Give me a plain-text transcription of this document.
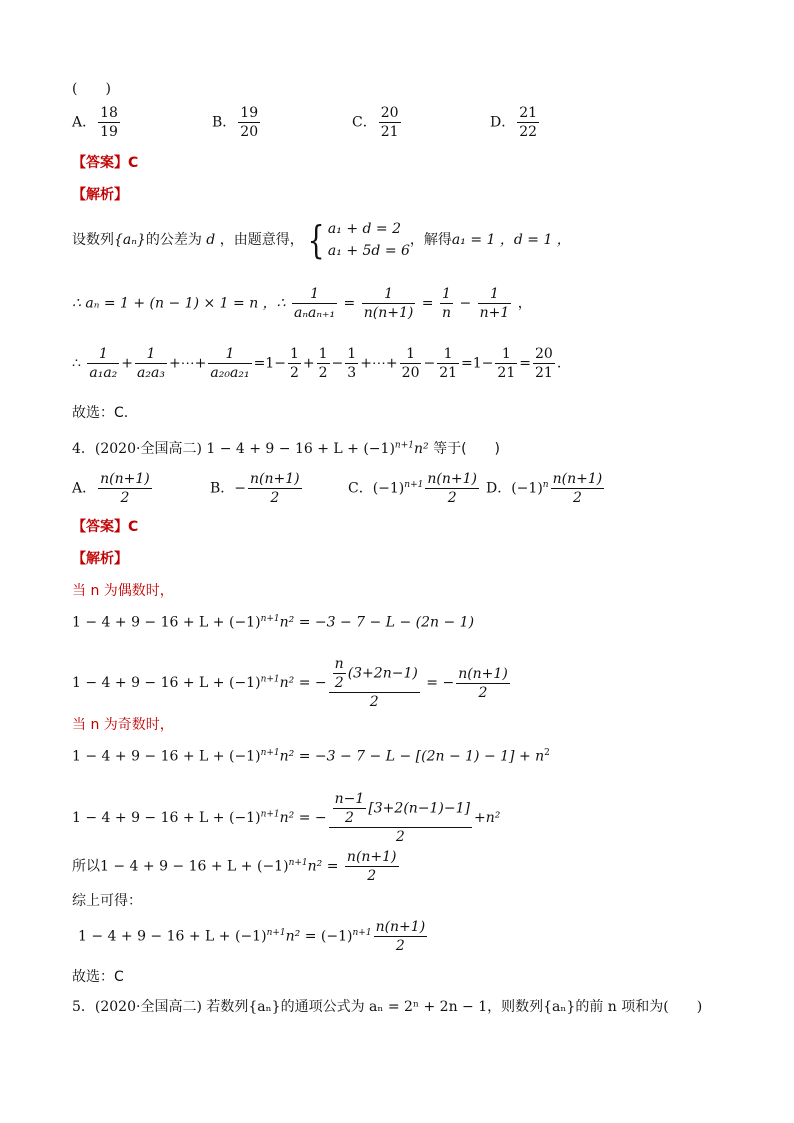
(　　)
A． $\frac{18}{19}$	B． $\frac{19}{20}$	C． $\frac{20}{21}$	D． $\frac{21}{22}$
【答案】C
【解析】
设数列{aₙ}的公差为 d ，由题意得，{ a₁ + d = 2
a₁ + 5d = 6
，解得a₁ = 1 ，d = 1 ，
∴ aₙ = 1 + (n − 1) × 1 = n ，∴ $\frac{1}{\text{aₙaₙ₊₁}} = \frac{1}{n(n+1)} = \frac{1}{n} - \frac{1}{n+1}$ ，
∴ $\frac{1}{\text{a₁a₂}} + \frac{1}{\text{a₂a₃}}$ +⋯+ $\frac{1}{\text{a₂₀a₂₁}} =1- \frac{1}{2} + \frac{1}{2} - \frac{1}{3}$ +⋯+ $\frac{1}{20} - \frac{1}{21} =1- \frac{1}{21} = \frac{20}{21}$ .
故选：C.
4．(2020·全国高二) $1 - 4 + 9 - 16 + L + (-1)^{n+1}n^2$ 等于(　　)
A． $\frac{n(n+1)}{2}$	B．− $\frac{n(n+1)}{2}$	C．$(-1)^{n+1} \frac{n(n+1)}{2}$ D．$(-1)^n \frac{n(n+1)}{2}$
【答案】C
【解析】
当 n 为偶数时，
$1 - 4 + 9 - 16 + L + (-1)^{n+1}n^2 = -3 - 7 - L - (2n - 1)$
$1 - 4 + 9 - 16 + L + (-1)^{n+1}n^2$ = − $\frac{\frac{n}{2} (3+2n-1)}{2}$ = − $\frac{n(n+1)}{2}$
当 n 为奇数时，
$1 - 4 + 9 - 16 + L + (-1)^{n+1}n^2 = -3 - 7 - L - [(2n - 1) - 1] + n^2$
$1 - 4 + 9 - 16 + L + (-1)^{n+1}n^2$ = − $\frac{\frac{n-1}{2} [3+2(n-1)-1]}{2} +n^2$
所以$1 - 4 + 9 - 16 + L + (-1)^{n+1}n^2 = \frac{n(n+1)}{2}$
综上可得：
$1 - 4 + 9 - 16 + L + (-1)^{n+1}n^2 = (-1)^{n+1} \frac{n(n+1)}{2}$
故选：C
5．(2020·全国高二) 若数列{aₙ}的通项公式为 aₙ = 2ⁿ + 2n − 1，则数列{aₙ}的前 n 项和为(　　)
